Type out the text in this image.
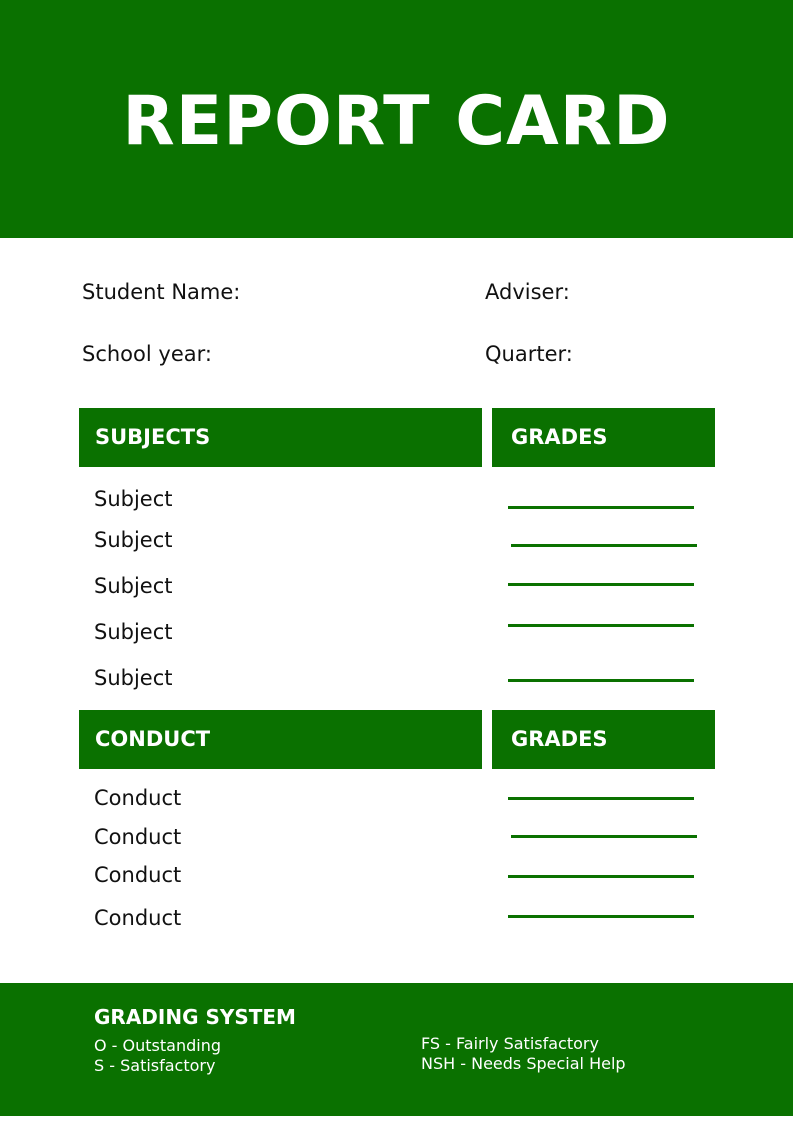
REPORT CARD
Student Name:	Adviser:
School year:	Quarter:
SUBJECTS	GRADES
Subject
Subject
Subject
Subject
Subject
CONDUCT	GRADES
Conduct
Conduct
Conduct
Conduct
GRADING SYSTEM
O - Outstanding
S - Satisfactory
FS - Fairly Satisfactory
NSH - Needs Special Help
